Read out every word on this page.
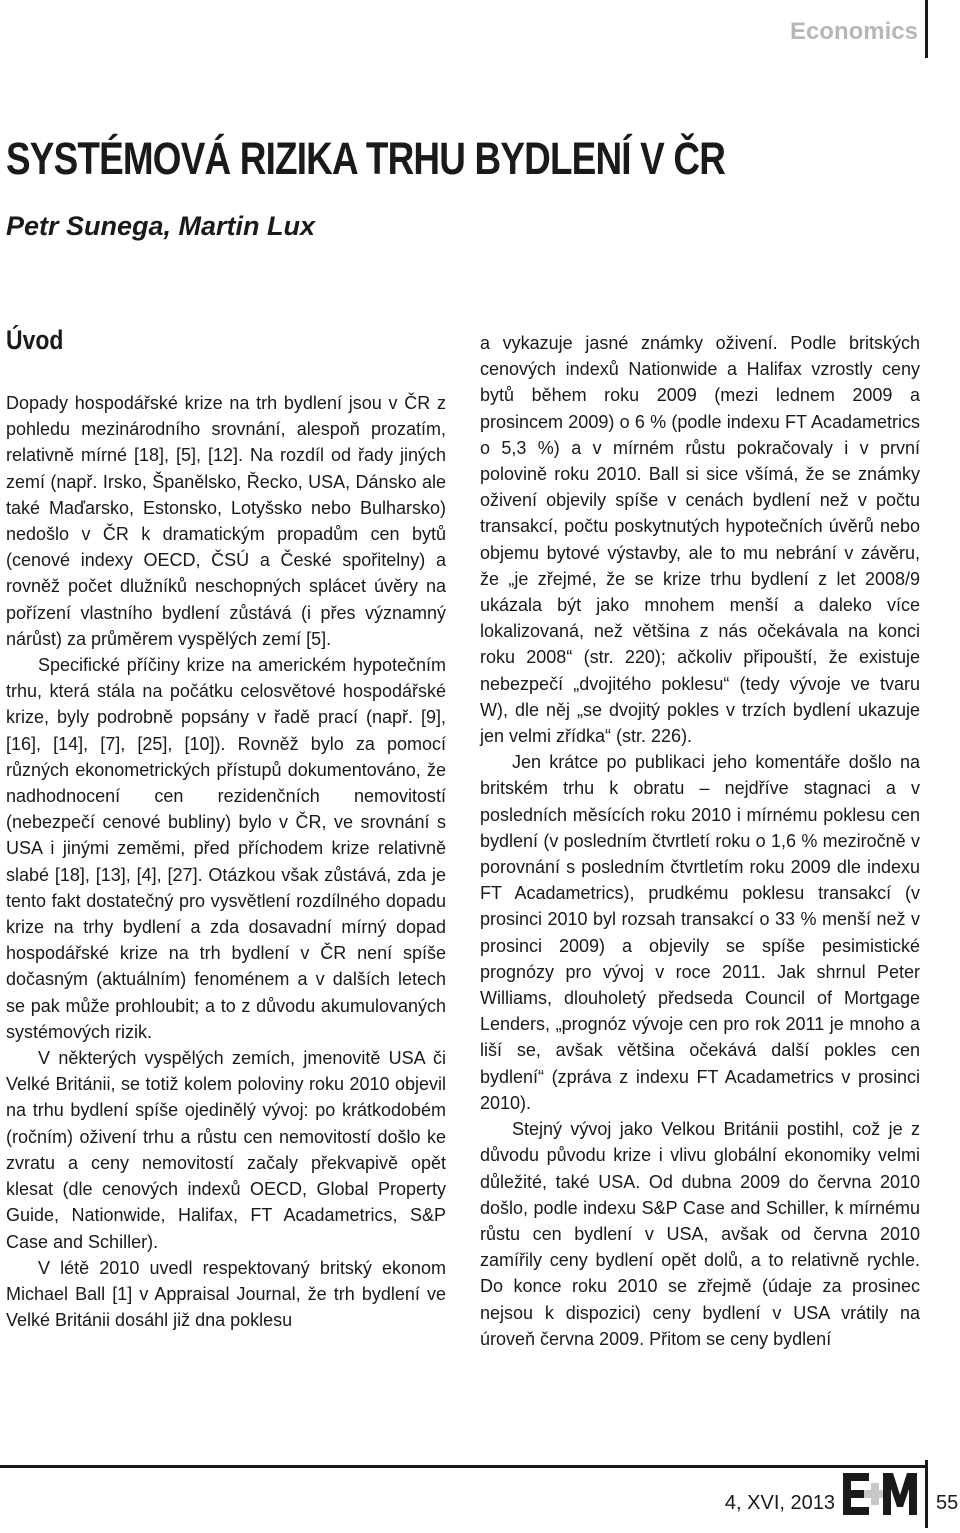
Economics
SYSTÉMOVÁ RIZIKA TRHU BYDLENÍ V ČR
Petr Sunega, Martin Lux
Úvod

Dopady hospodářské krize na trh bydlení jsou v ČR z pohledu mezinárodního srovnání, alespoň prozatím, relativně mírné [18], [5], [12]. Na rozdíl od řady jiných zemí (např. Irsko, Španělsko, Řecko, USA, Dánsko ale také Maďarsko, Estonsko, Lotyšsko nebo Bulharsko) nedošlo v ČR k dramatickým propadům cen bytů (cenové indexy OECD, ČSÚ a České spořitelny) a rovněž počet dlužníků neschopných splácet úvěry na pořízení vlastního bydlení zůstává (i přes významný nárůst) za průměrem vyspělých zemí [5].

Specifické příčiny krize na americkém hypotečním trhu, která stála na počátku celosvětové hospodářské krize, byly podrobně popsány v řadě prací (např. [9], [16], [14], [7], [25], [10]). Rovněž bylo za pomocí různých ekonometrických přístupů dokumentováno, že nadhodnocení cen rezidenčních nemovitostí (nebezpečí cenové bubliny) bylo v ČR, ve srovnání s USA i jinými zeměmi, před příchodem krize relativně slabé [18], [13], [4], [27]. Otázkou však zůstává, zda je tento fakt dostatečný pro vysvětlení rozdílného dopadu krize na trhy bydlení a zda dosavadní mírný dopad hospodářské krize na trh bydlení v ČR není spíše dočasným (aktuálním) fenoménem a v dalších letech se pak může prohloubit; a to z důvodu akumulovaných systémových rizik.

V některých vyspělých zemích, jmenovitě USA či Velké Británii, se totiž kolem poloviny roku 2010 objevil na trhu bydlení spíše ojedinělý vývoj: po krátkodobém (ročním) oživení trhu a růstu cen nemovitostí došlo ke zvratu a ceny nemovitostí začaly překvapivě opět klesat (dle cenových indexů OECD, Global Property Guide, Nationwide, Halifax, FT Acadametrics, S&P Case and Schiller).

V létě 2010 uvedl respektovaný britský ekonom Michael Ball [1] v Appraisal Journal, že trh bydlení ve Velké Británii dosáhl již dna poklesu

a vykazuje jasné známky oživení. Podle britských cenových indexů Nationwide a Halifax vzrostly ceny bytů během roku 2009 (mezi lednem 2009 a prosincem 2009) o 6 % (podle indexu FT Acadametrics o 5,3 %) a v mírném růstu pokračovaly i v první polovině roku 2010. Ball si sice všímá, že se známky oživení objevily spíše v cenách bydlení než v počtu transakcí, počtu poskytnutých hypotečních úvěrů nebo objemu bytové výstavby, ale to mu nebrání v závěru, že „je zřejmé, že se krize trhu bydlení z let 2008/9 ukázala být jako mnohem menší a daleko více lokalizovaná, než většina z nás očekávala na konci roku 2008“ (str. 220); ačkoliv připouští, že existuje nebezpečí „dvojitého poklesu“ (tedy vývoje ve tvaru W), dle něj „se dvojitý pokles v trzích bydlení ukazuje jen velmi zřídka“ (str. 226).

Jen krátce po publikaci jeho komentáře došlo na britském trhu k obratu – nejdříve stagnaci a v posledních měsících roku 2010 i mírnému poklesu cen bydlení (v posledním čtvrtletí roku o 1,6 % meziročně v porovnání s posledním čtvrtletím roku 2009 dle indexu FT Acadametrics), prudkému poklesu transakcí (v prosinci 2010 byl rozsah transakcí o 33 % menší než v prosinci 2009) a objevily se spíše pesimistické prognózy pro vývoj v roce 2011. Jak shrnul Peter Williams, dlouholetý předseda Council of Mortgage Lenders, „prognóz vývoje cen pro rok 2011 je mnoho a liší se, avšak většina očekává další pokles cen bydlení“ (zpráva z indexu FT Acadametrics v prosinci 2010).

Stejný vývoj jako Velkou Británii postihl, což je z důvodu původu krize i vlivu globální ekonomiky velmi důležité, také USA. Od dubna 2009 do června 2010 došlo, podle indexu S&P Case and Schiller, k mírnému růstu cen bydlení v USA, avšak od června 2010 zamířily ceny bydlení opět dolů, a to relativně rychle. Do konce roku 2010 se zřejmě (údaje za prosinec nejsou k dispozici) ceny bydlení v USA vrátily na úroveň června 2009. Přitom se ceny bydlení

4, XVI, 2013	55
